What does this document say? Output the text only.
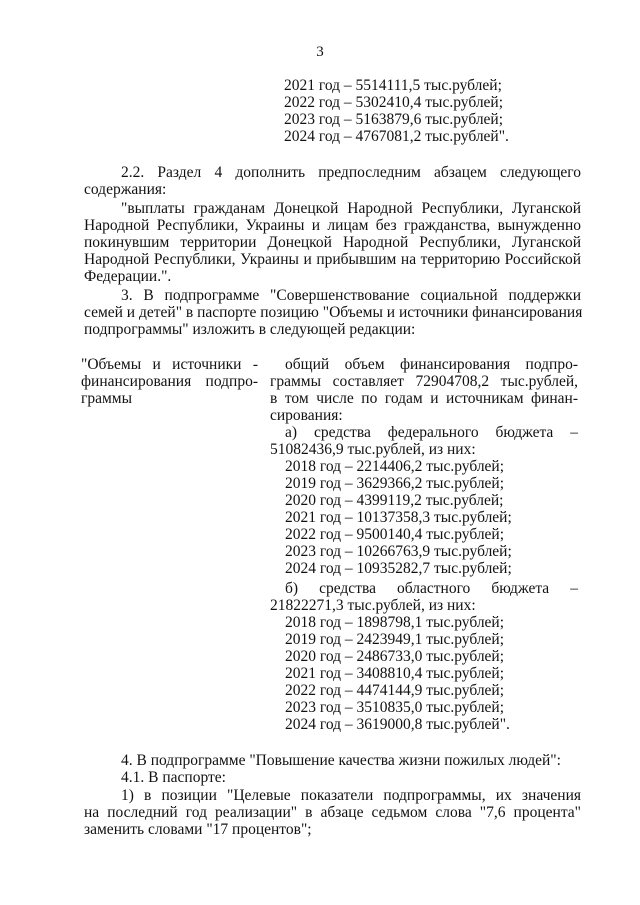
3
2021 год – 5514111,5 тыс.рублей;
2022 год – 5302410,4 тыс.рублей;
2023 год – 5163879,6 тыс.рублей;
2024 год – 4767081,2 тыс.рублей".
2.2. Раздел 4 дополнить предпоследним абзацем следующего
содержания:
"выплаты гражданам Донецкой Народной Республики, Луганской
Народной Республики, Украины и лицам без гражданства, вынужденно
покинувшим территории Донецкой Народной Республики, Луганской
Народной Республики, Украины и прибывшим на территорию Российской
Федерации.".
3. В подпрограмме "Совершенствование социальной поддержки
семей и детей" в паспорте позицию "Объемы и источники финансирования
подпрограммы" изложить в следующей редакции:
"Объемы и источники -
финансирования подпро-
граммы
общий объем финансирования подпро-
граммы составляет 72904708,2 тыс.рублей,
в том числе по годам и источникам финан-
сирования:
а) средства федерального бюджета –
51082436,9 тыс.рублей, из них:
2018 год – 2214406,2 тыс.рублей;
2019 год – 3629366,2 тыс.рублей;
2020 год – 4399119,2 тыс.рублей;
2021 год – 10137358,3 тыс.рублей;
2022 год – 9500140,4 тыс.рублей;
2023 год – 10266763,9 тыс.рублей;
2024 год – 10935282,7 тыс.рублей;
б) средства областного бюджета –
21822271,3 тыс.рублей, из них:
2018 год – 1898798,1 тыс.рублей;
2019 год – 2423949,1 тыс.рублей;
2020 год – 2486733,0 тыс.рублей;
2021 год – 3408810,4 тыс.рублей;
2022 год – 4474144,9 тыс.рублей;
2023 год – 3510835,0 тыс.рублей;
2024 год – 3619000,8 тыс.рублей".
4. В подпрограмме "Повышение качества жизни пожилых людей":
4.1. В паспорте:
1) в позиции "Целевые показатели подпрограммы, их значения
на последний год реализации" в абзаце седьмом слова "7,6 процента"
заменить словами "17 процентов";
